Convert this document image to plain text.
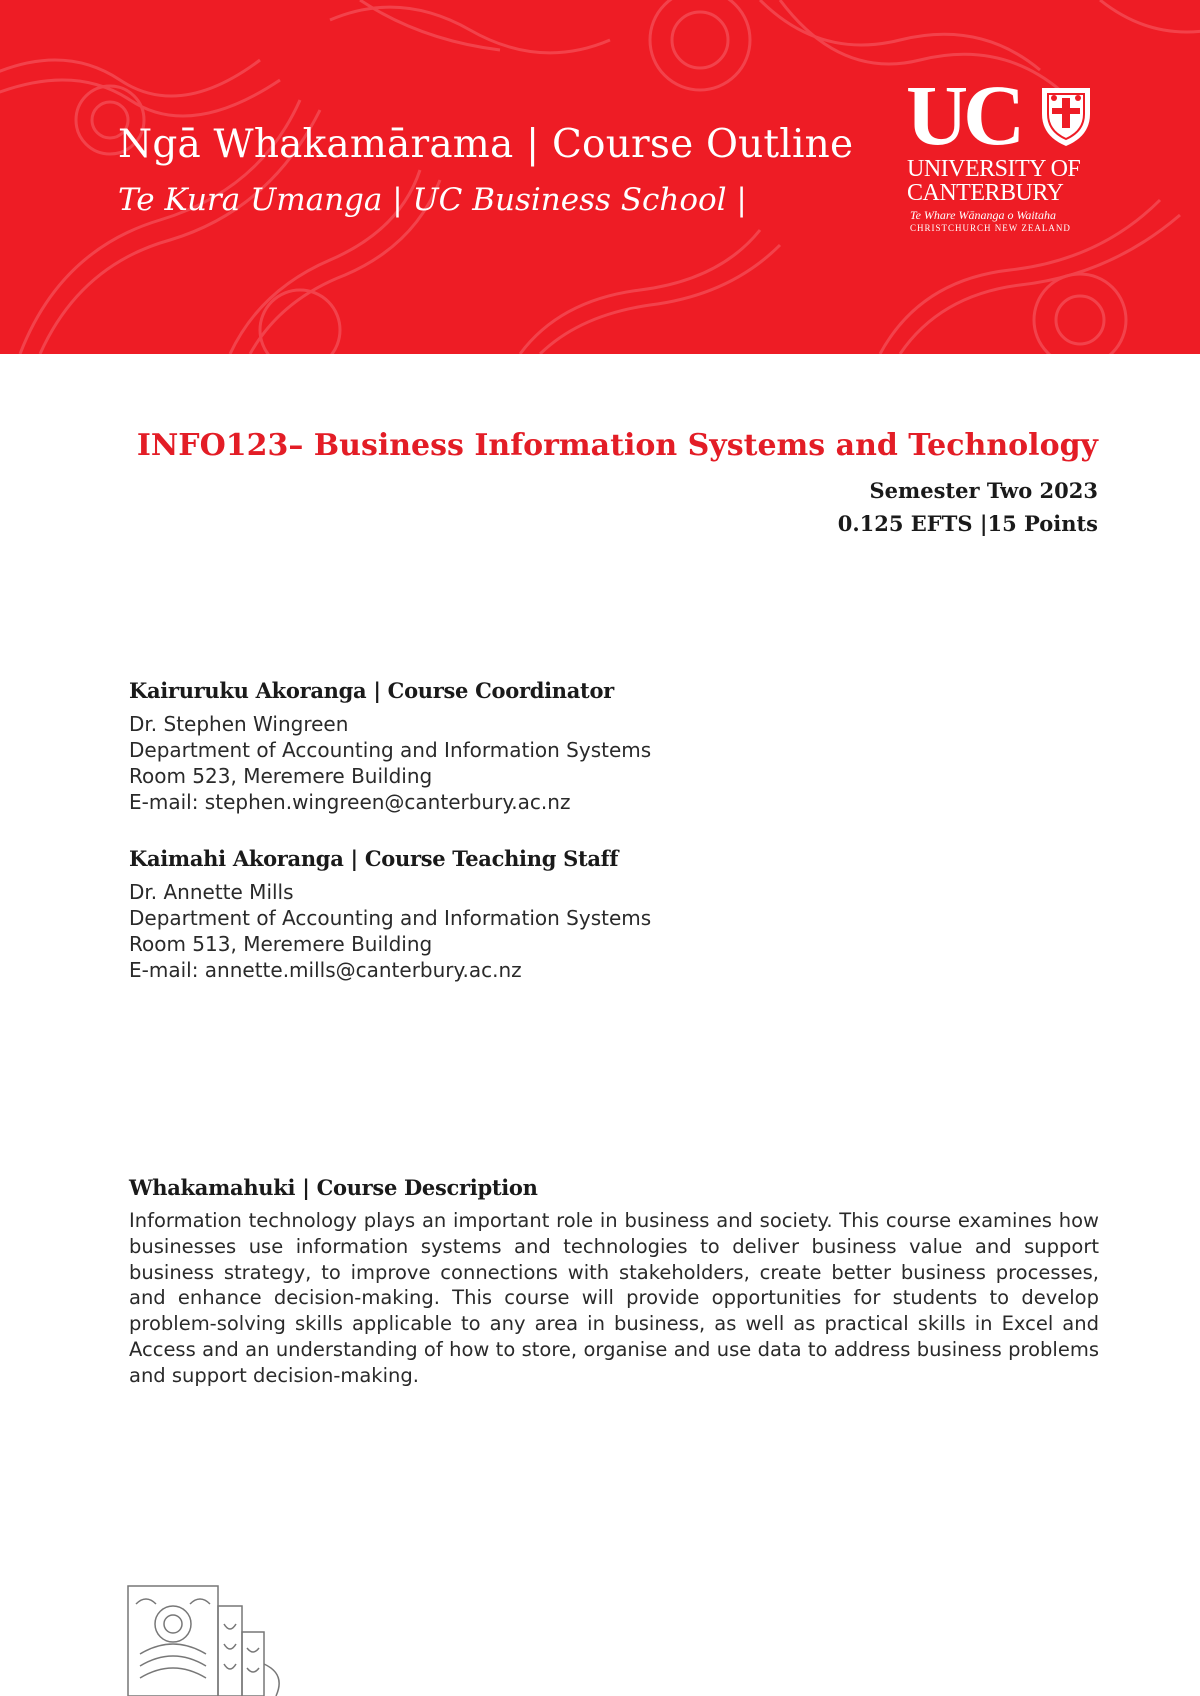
Ngā Whakamārama | Course Outline
Te Kura Umanga | UC Business School |
UC
UNIVERSITY OF
CANTERBURY
Te Whare Wānanga o Waitaha
CHRISTCHURCH NEW ZEALAND
INFO123– Business Information Systems and Technology
Semester Two 2023
0.125 EFTS |15 Points
Kairuruku Akoranga | Course Coordinator
Dr. Stephen Wingreen
Department of Accounting and Information Systems
Room 523, Meremere Building
E-mail: stephen.wingreen@canterbury.ac.nz
Kaimahi Akoranga | Course Teaching Staff
Dr. Annette Mills
Department of Accounting and Information Systems
Room 513, Meremere Building
E-mail: annette.mills@canterbury.ac.nz
Whakamahuki | Course Description

Information technology plays an important role in business and society. This course examines how businesses use information systems and technologies to deliver business value and support business strategy, to improve connections with stakeholders, create better business processes, and enhance decision-making. This course will provide opportunities for students to develop problem-solving skills applicable to any area in business, as well as practical skills in Excel and Access and an understanding of how to store, organise and use data to address business problems and support decision-making.
